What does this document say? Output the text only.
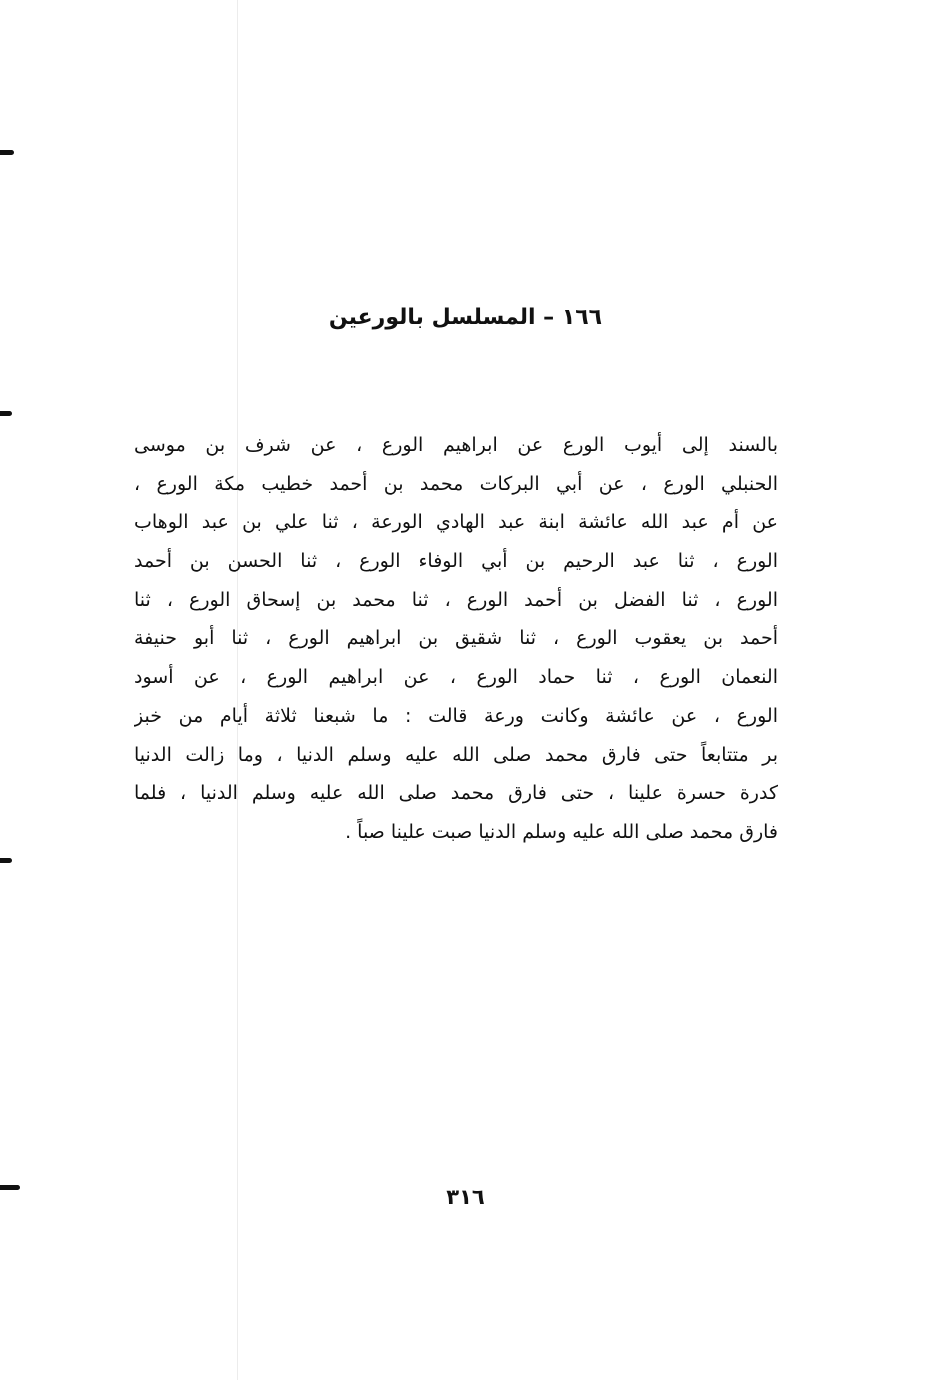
١٦٦ – المسلسل بالورعين
بالسند إلى أيوب الورع عن ابراهيم الورع ، عن شرف بن موسى
الحنبلي الورع ، عن أبي البركات محمد بن أحمد خطيب مكة الورع ،
عن أم عبد الله عائشة ابنة عبد الهادي الورعة ، ثنا علي بن عبد الوهاب
الورع ، ثنا عبد الرحيم بن أبي الوفاء الورع ، ثنا الحسن بن أحمد
الورع ، ثنا الفضل بن أحمد الورع ، ثنا محمد بن إسحاق الورع ، ثنا
أحمد بن يعقوب الورع ، ثنا شقيق بن ابراهيم الورع ، ثنا أبو حنيفة
النعمان الورع ، ثنا حماد الورع ، عن ابراهيم الورع ، عن أسود
الورع ، عن عائشة وكانت ورعة قالت : ما شبعنا ثلاثة أيام من خبز
بر متتابعاً حتى فارق محمد صلى الله عليه وسلم الدنيا ، وما زالت الدنيا
كدرة حسرة علينا ، حتى فارق محمد صلى الله عليه وسلم الدنيا ، فلما
فارق محمد صلى الله عليه وسلم الدنيا صبت علينا صباً .
٣١٦
